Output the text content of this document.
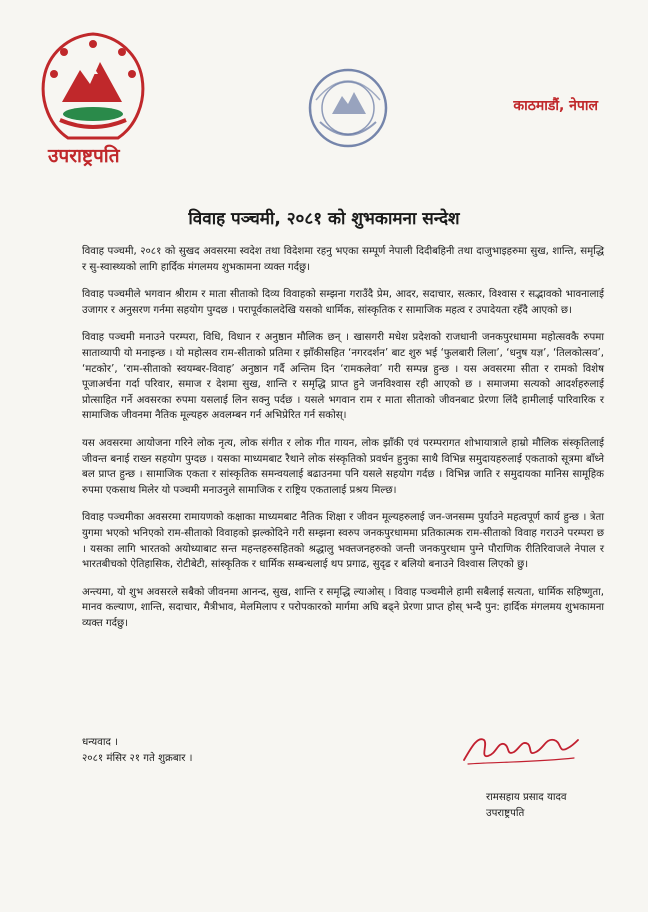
उपराष्ट्रपति
काठमाडौं, नेपाल
विवाह पञ्चमी, २०८१ को शुभकामना सन्देश

विवाह पञ्चमी, २०८१ को सुखद अवसरमा स्वदेश तथा विदेशमा रहनु भएका सम्पूर्ण नेपाली दिदीबहिनी तथा दाजुभाइहरुमा सुख, शान्ति, समृद्धि र सु-स्वास्थ्यको लागि हार्दिक मंगलमय शुभकामना व्यक्त गर्दछु।

विवाह पञ्चमीले भगवान श्रीराम र माता सीताको दिव्य विवाहको सम्झना गराउँदै प्रेम, आदर, सदाचार, सत्कार, विश्वास र सद्भावको भावनालाई उजागर र अनुसरण गर्नमा सहयोग पुग्दछ । परापूर्वकालदेखि यसको धार्मिक, सांस्कृतिक र सामाजिक महत्व र उपादेयता रहँदै आएको छ।

विवाह पञ्चमी मनाउने परम्परा, विधि, विधान र अनुष्ठान मौलिक छन् । खासगरी मधेश प्रदेशको राजधानी जनकपुरधाममा महोत्सवकै रुपमा साताव्यापी यो मनाइन्छ । यो महोत्सव राम-सीताको प्रतिमा र झाँकीसहित ‘नगरदर्शन’ बाट शुरु भई ‘फुलबारी लिला’, ‘धनुष यज्ञ’, ‘तिलकोत्सव’, ‘मटकोर’, ‘राम-सीताको स्वयम्बर-विवाह’ अनुष्ठान गर्दै अन्तिम दिन ‘रामकलेवा’ गरी सम्पन्न हुन्छ । यस अवसरमा सीता र रामको विशेष पूजाअर्चना गर्दा परिवार, समाज र देशमा सुख, शान्ति र समृद्धि प्राप्त हुने जनविश्वास रही आएको छ । समाजमा सत्यको आदर्शहरुलाई प्रोत्साहित गर्ने अवसरका रुपमा यसलाई लिन सक्नु पर्दछ । यसले भगवान राम र माता सीताको जीवनबाट प्रेरणा लिंदै हामीलाई पारिवारिक र सामाजिक जीवनमा नैतिक मूल्यहरु अवलम्बन गर्न अभिप्रेरित गर्न सकोस्।

यस अवसरमा आयोजना गरिने लोक नृत्य, लोक संगीत र लोक गीत गायन, लोक झाँकी एवं परम्परागत शोभायात्राले हाम्रो मौलिक संस्कृतिलाई जीवन्त बनाई राख्न सहयोग पुग्दछ । यसका माध्यमबाट रैथाने लोक संस्कृतिको प्रवर्धन हुनुका साथै विभिन्न समुदायहरुलाई एकताको सूत्रमा बाँध्ने बल प्राप्त हुन्छ । सामाजिक एकता र सांस्कृतिक समन्वयलाई बढाउनमा पनि यसले सहयोग गर्दछ । विभिन्न जाति र समुदायका मानिस सामूहिक रुपमा एकसाथ मिलेर यो पञ्चमी मनाउनुले सामाजिक र राष्ट्रिय एकतालाई प्रश्रय मिल्छ।

विवाह पञ्चमीका अवसरमा रामायणको कक्षाका माध्यमबाट नैतिक शिक्षा र जीवन मूल्यहरुलाई जन-जनसम्म पुर्याउने महत्वपूर्ण कार्य हुन्छ । त्रेता युगमा भएको भनिएको राम-सीताको विवाहको झल्कोदिने गरी सम्झना स्वरुप जनकपुरधाममा प्रतिकात्मक राम-सीताको विवाह गराउने परम्परा छ । यसका लागि भारतको अयोध्याबाट सन्त महन्तहरुसहितको श्रद्धालु भक्तजनहरुको जन्ती जनकपुरधाम पुग्ने पौराणिक रीतिरिवाजले नेपाल र भारतबीचको ऐतिहासिक, रोटीबेटी, सांस्कृतिक र धार्मिक सम्बन्धलाई थप प्रगाढ, सुदृढ र बलियो बनाउने विश्वास लिएको छु।

अन्त्यमा, यो शुभ अवसरले सबैको जीवनमा आनन्द, सुख, शान्ति र समृद्धि ल्याओस् । विवाह पञ्चमीले हामी सबैलाई सत्यता, धार्मिक सहिष्णुता, मानव कल्याण, शान्ति, सदाचार, मैत्रीभाव, मेलमिलाप र परोपकारको मार्गमा अघि बढ्ने प्रेरणा प्राप्त होस् भन्दै पुन: हार्दिक मंगलमय शुभकामना व्यक्त गर्दछु।

धन्यवाद ।
२०८१ मंसिर २१ गते शुक्रबार ।
रामसहाय प्रसाद यादव
उपराष्ट्रपति
